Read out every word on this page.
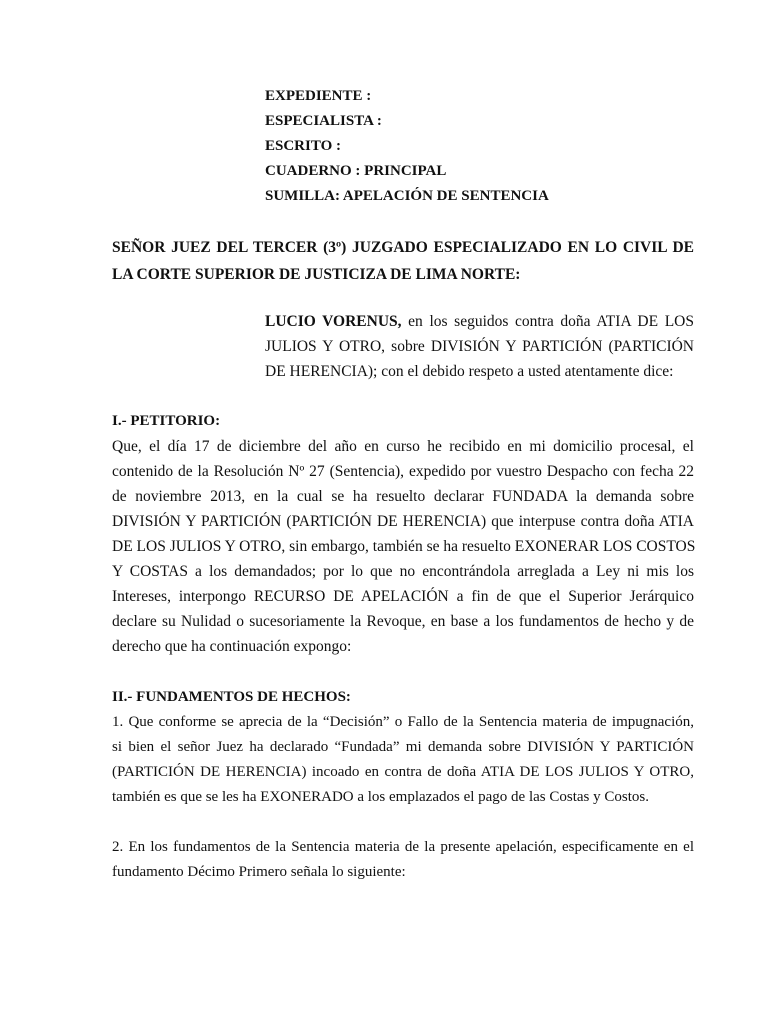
EXPEDIENTE :
ESPECIALISTA :
ESCRITO :
CUADERNO : PRINCIPAL
SUMILLA: APELACIÓN DE SENTENCIA
SEÑOR JUEZ DEL TERCER (3º) JUZGADO ESPECIALIZADO EN LO CIVIL DE
LA CORTE SUPERIOR DE JUSTICIZA DE LIMA NORTE:
LUCIO VORENUS, en los seguidos contra doña ATIA DE LOS
JULIOS Y OTRO, sobre DIVISIÓN Y PARTICIÓN (PARTICIÓN
DE HERENCIA); con el debido respeto a usted atentamente dice:
I.- PETITORIO:
Que, el día 17 de diciembre del año en curso he recibido en mi domicilio procesal, el
contenido de la Resolución Nº 27 (Sentencia), expedido por vuestro Despacho con fecha 22
de noviembre 2013, en la cual se ha resuelto declarar FUNDADA la demanda sobre
DIVISIÓN Y PARTICIÓN (PARTICIÓN DE HERENCIA) que interpuse contra doña ATIA
DE LOS JULIOS Y OTRO, sin embargo, también se ha resuelto EXONERAR LOS COSTOS
Y COSTAS a los demandados; por lo que no encontrándola arreglada a Ley ni mis los
Intereses, interpongo RECURSO DE APELACIÓN a fin de que el Superior Jerárquico
declare su Nulidad o sucesoriamente la Revoque, en base a los fundamentos de hecho y de
derecho que ha continuación expongo:
II.- FUNDAMENTOS DE HECHOS:
1. Que conforme se aprecia de la “Decisión” o Fallo de la Sentencia materia de impugnación,
si bien el señor Juez ha declarado “Fundada” mi demanda sobre DIVISIÓN Y PARTICIÓN
(PARTICIÓN DE HERENCIA) incoado en contra de doña ATIA DE LOS JULIOS Y OTRO,
también es que se les ha EXONERADO a los emplazados el pago de las Costas y Costos.
2. En los fundamentos de la Sentencia materia de la presente apelación, especificamente en el
fundamento Décimo Primero señala lo siguiente:
